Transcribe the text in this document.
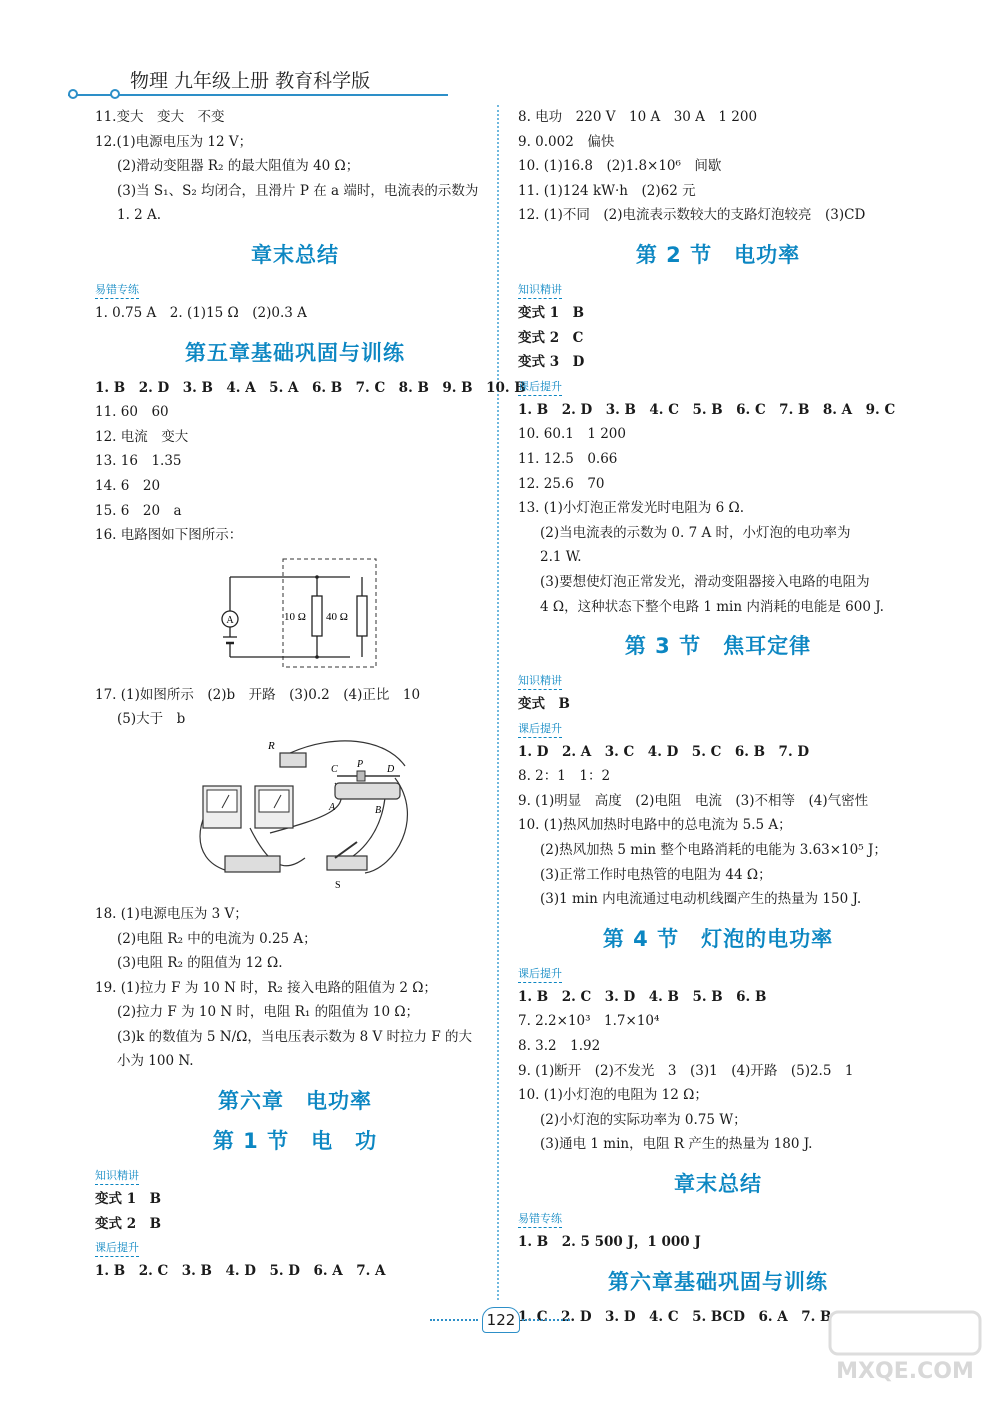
物理 九年级上册 教育科学版
11.变大　变大　不变
12.(1)电源电压为 12 V；
(2)滑动变阻器 R₂ 的最大阻值为 40 Ω；
(3)当 S₁、S₂ 均闭合，且滑片 P 在 a 端时，电流表的示数为
1. 2 A.
章末总结
易错专练
1. 0.75 A　2. (1)15 Ω　(2)0.3 A
第五章基础巩固与训练
1. B　2. D　3. B　4. A　5. A　6. B　7. C　8. B　9. B　10. B
11. 60　60
12. 电流　变大
13. 16　1.35
14. 6　20
15. 6　20　a
16. 电路图如下图所示：
A	10 Ω 40 Ω
17. (1)如图所示　(2)b　开路　(3)0.2　(4)正比　10
(5)大于　b
R
C P D
A	B
S
18. (1)电源电压为 3 V；
(2)电阻 R₂ 中的电流为 0.25 A；
(3)电阻 R₂ 的阻值为 12 Ω.
19. (1)拉力 F 为 10 N 时，R₂ 接入电路的阻值为 2 Ω；
(2)拉力 F 为 10 N 时，电阻 R₁ 的阻值为 10 Ω；
(3)k 的数值为 5 N/Ω，当电压表示数为 8 V 时拉力 F 的大
小为 100 N.
第六章　电功率
第 1 节　电　功
知识精讲
变式 1　B
变式 2　B
课后提升
1. B　2. C　3. B　4. D　5. D　6. A　7. A
8. 电功　220 V　10 A　30 A　1 200
9. 0.002　偏快
10. (1)16.8　(2)1.8×10⁶　间歇
11. (1)124 kW·h　(2)62 元
12. (1)不同　(2)电流表示数较大的支路灯泡较亮　(3)CD
第 2 节　电功率
知识精讲
变式 1　B
变式 2　C
变式 3　D
课后提升
1. B　2. D　3. B　4. C　5. B　6. C　7. B　8. A　9. C
10. 60.1　1 200
11. 12.5　0.66
12. 25.6　70
13. (1)小灯泡正常发光时电阻为 6 Ω.
(2)当电流表的示数为 0. 7 A 时，小灯泡的电功率为
2.1 W.
(3)要想使灯泡正常发光，滑动变阻器接入电路的电阻为
4 Ω，这种状态下整个电路 1 min 内消耗的电能是 600 J.
第 3 节　焦耳定律
知识精讲
变式　B
课后提升
1. D　2. A　3. C　4. D　5. C　6. B　7. D
8. 2：1　1：2
9. (1)明显　高度　(2)电阻　电流　(3)不相等　(4)气密性
10. (1)热风加热时电路中的总电流为 5.5 A；
(2)热风加热 5 min 整个电路消耗的电能为 3.63×10⁵ J；
(3)正常工作时电热管的电阻为 44 Ω；
(3)1 min 内电流通过电动机线圈产生的热量为 150 J.
第 4 节　灯泡的电功率
课后提升
1. B　2. C　3. D　4. B　5. B　6. B
7. 2.2×10³　1.7×10⁴
8. 3.2　1.92
9. (1)断开　(2)不发光　3　(3)1　(4)开路　(5)2.5　1
10. (1)小灯泡的电阻为 12 Ω；
(2)小灯泡的实际功率为 0.75 W；
(3)通电 1 min，电阻 R 产生的热量为 180 J.
章末总结
易错专练
1. B　2. 5 500 J，1 000 J
第六章基础巩固与训练
1. C　2. D　3. D　4. C　5. BCD　6. A　7. B
122
MXQE.COM
